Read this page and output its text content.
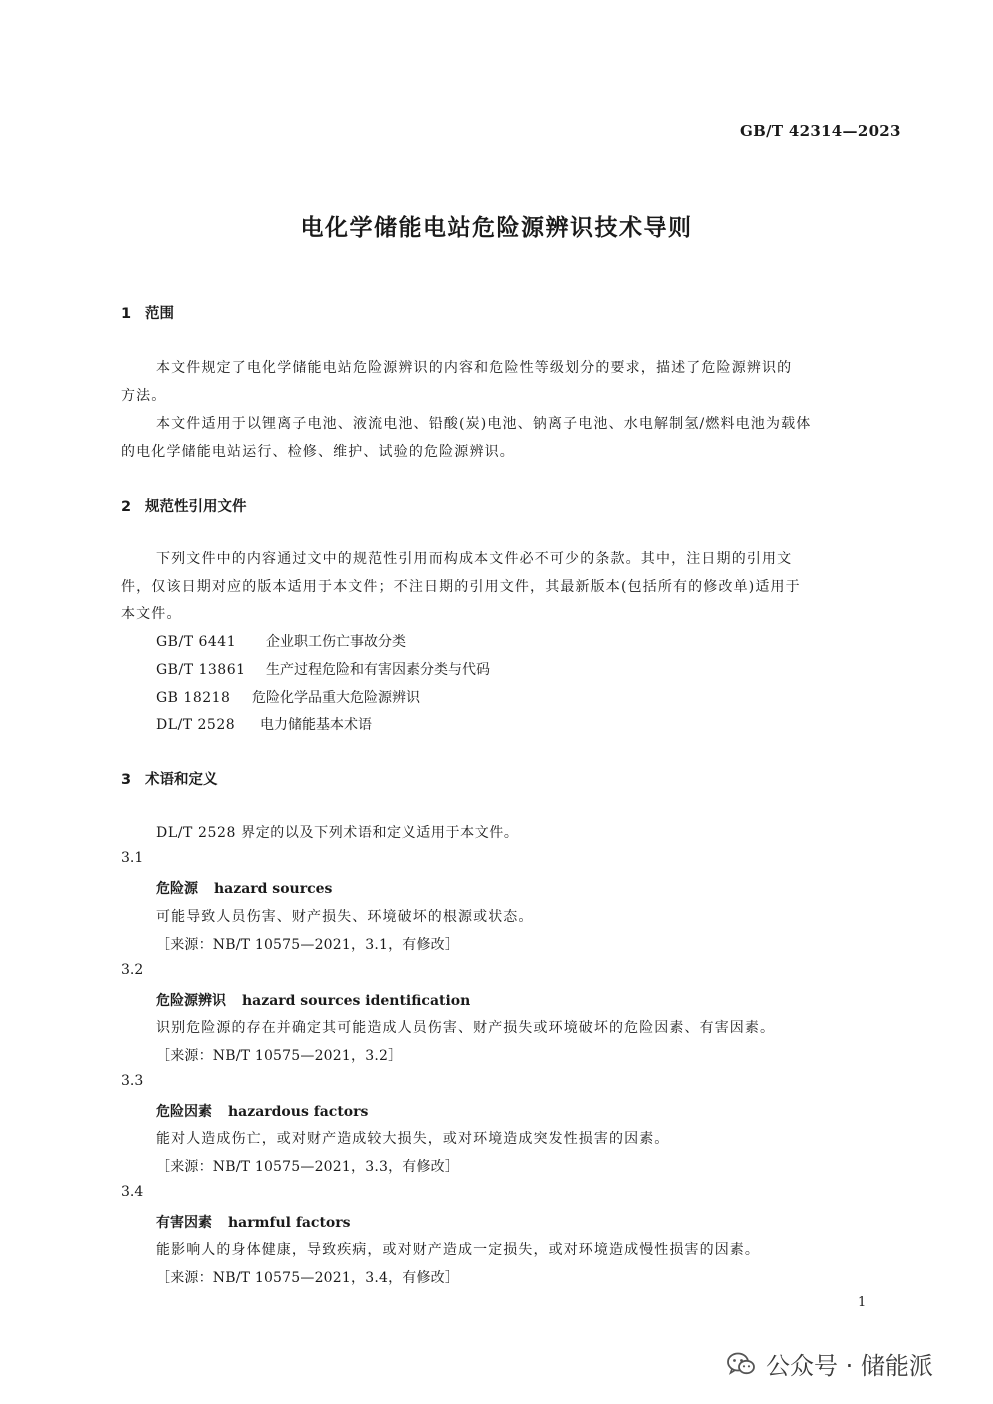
GB/T 42314—2023
电化学储能电站危险源辨识技术导则
1 范围
本文件规定了电化学储能电站危险源辨识的内容和危险性等级划分的要求，描述了危险源辨识的
方法。
本文件适用于以锂离子电池、液流电池、铅酸(炭)电池、钠离子电池、水电解制氢/燃料电池为载体
的电化学储能电站运行、检修、维护、试验的危险源辨识。
2 规范性引用文件
下列文件中的内容通过文中的规范性引用而构成本文件必不可少的条款。其中，注日期的引用文
件，仅该日期对应的版本适用于本文件；不注日期的引用文件，其最新版本(包括所有的修改单)适用于
本文件。
GB/T 6441 企业职工伤亡事故分类
GB/T 13861 生产过程危险和有害因素分类与代码
GB 18218 危险化学品重大危险源辨识
DL/T 2528 电力储能基本术语
3 术语和定义
DL/T 2528 界定的以及下列术语和定义适用于本文件。
3.1
危险源 hazard sources
可能导致人员伤害、财产损失、环境破坏的根源或状态。
［来源：NB/T 10575—2021，3.1，有修改］
3.2
危险源辨识 hazard sources identification
识别危险源的存在并确定其可能造成人员伤害、财产损失或环境破坏的危险因素、有害因素。
［来源：NB/T 10575—2021，3.2］
3.3
危险因素 hazardous factors
能对人造成伤亡，或对财产造成较大损失，或对环境造成突发性损害的因素。
［来源：NB/T 10575—2021，3.3，有修改］
3.4
有害因素 harmful factors
能影响人的身体健康，导致疾病，或对财产造成一定损失，或对环境造成慢性损害的因素。
［来源：NB/T 10575—2021，3.4，有修改］
1
公众号 · 储能派
